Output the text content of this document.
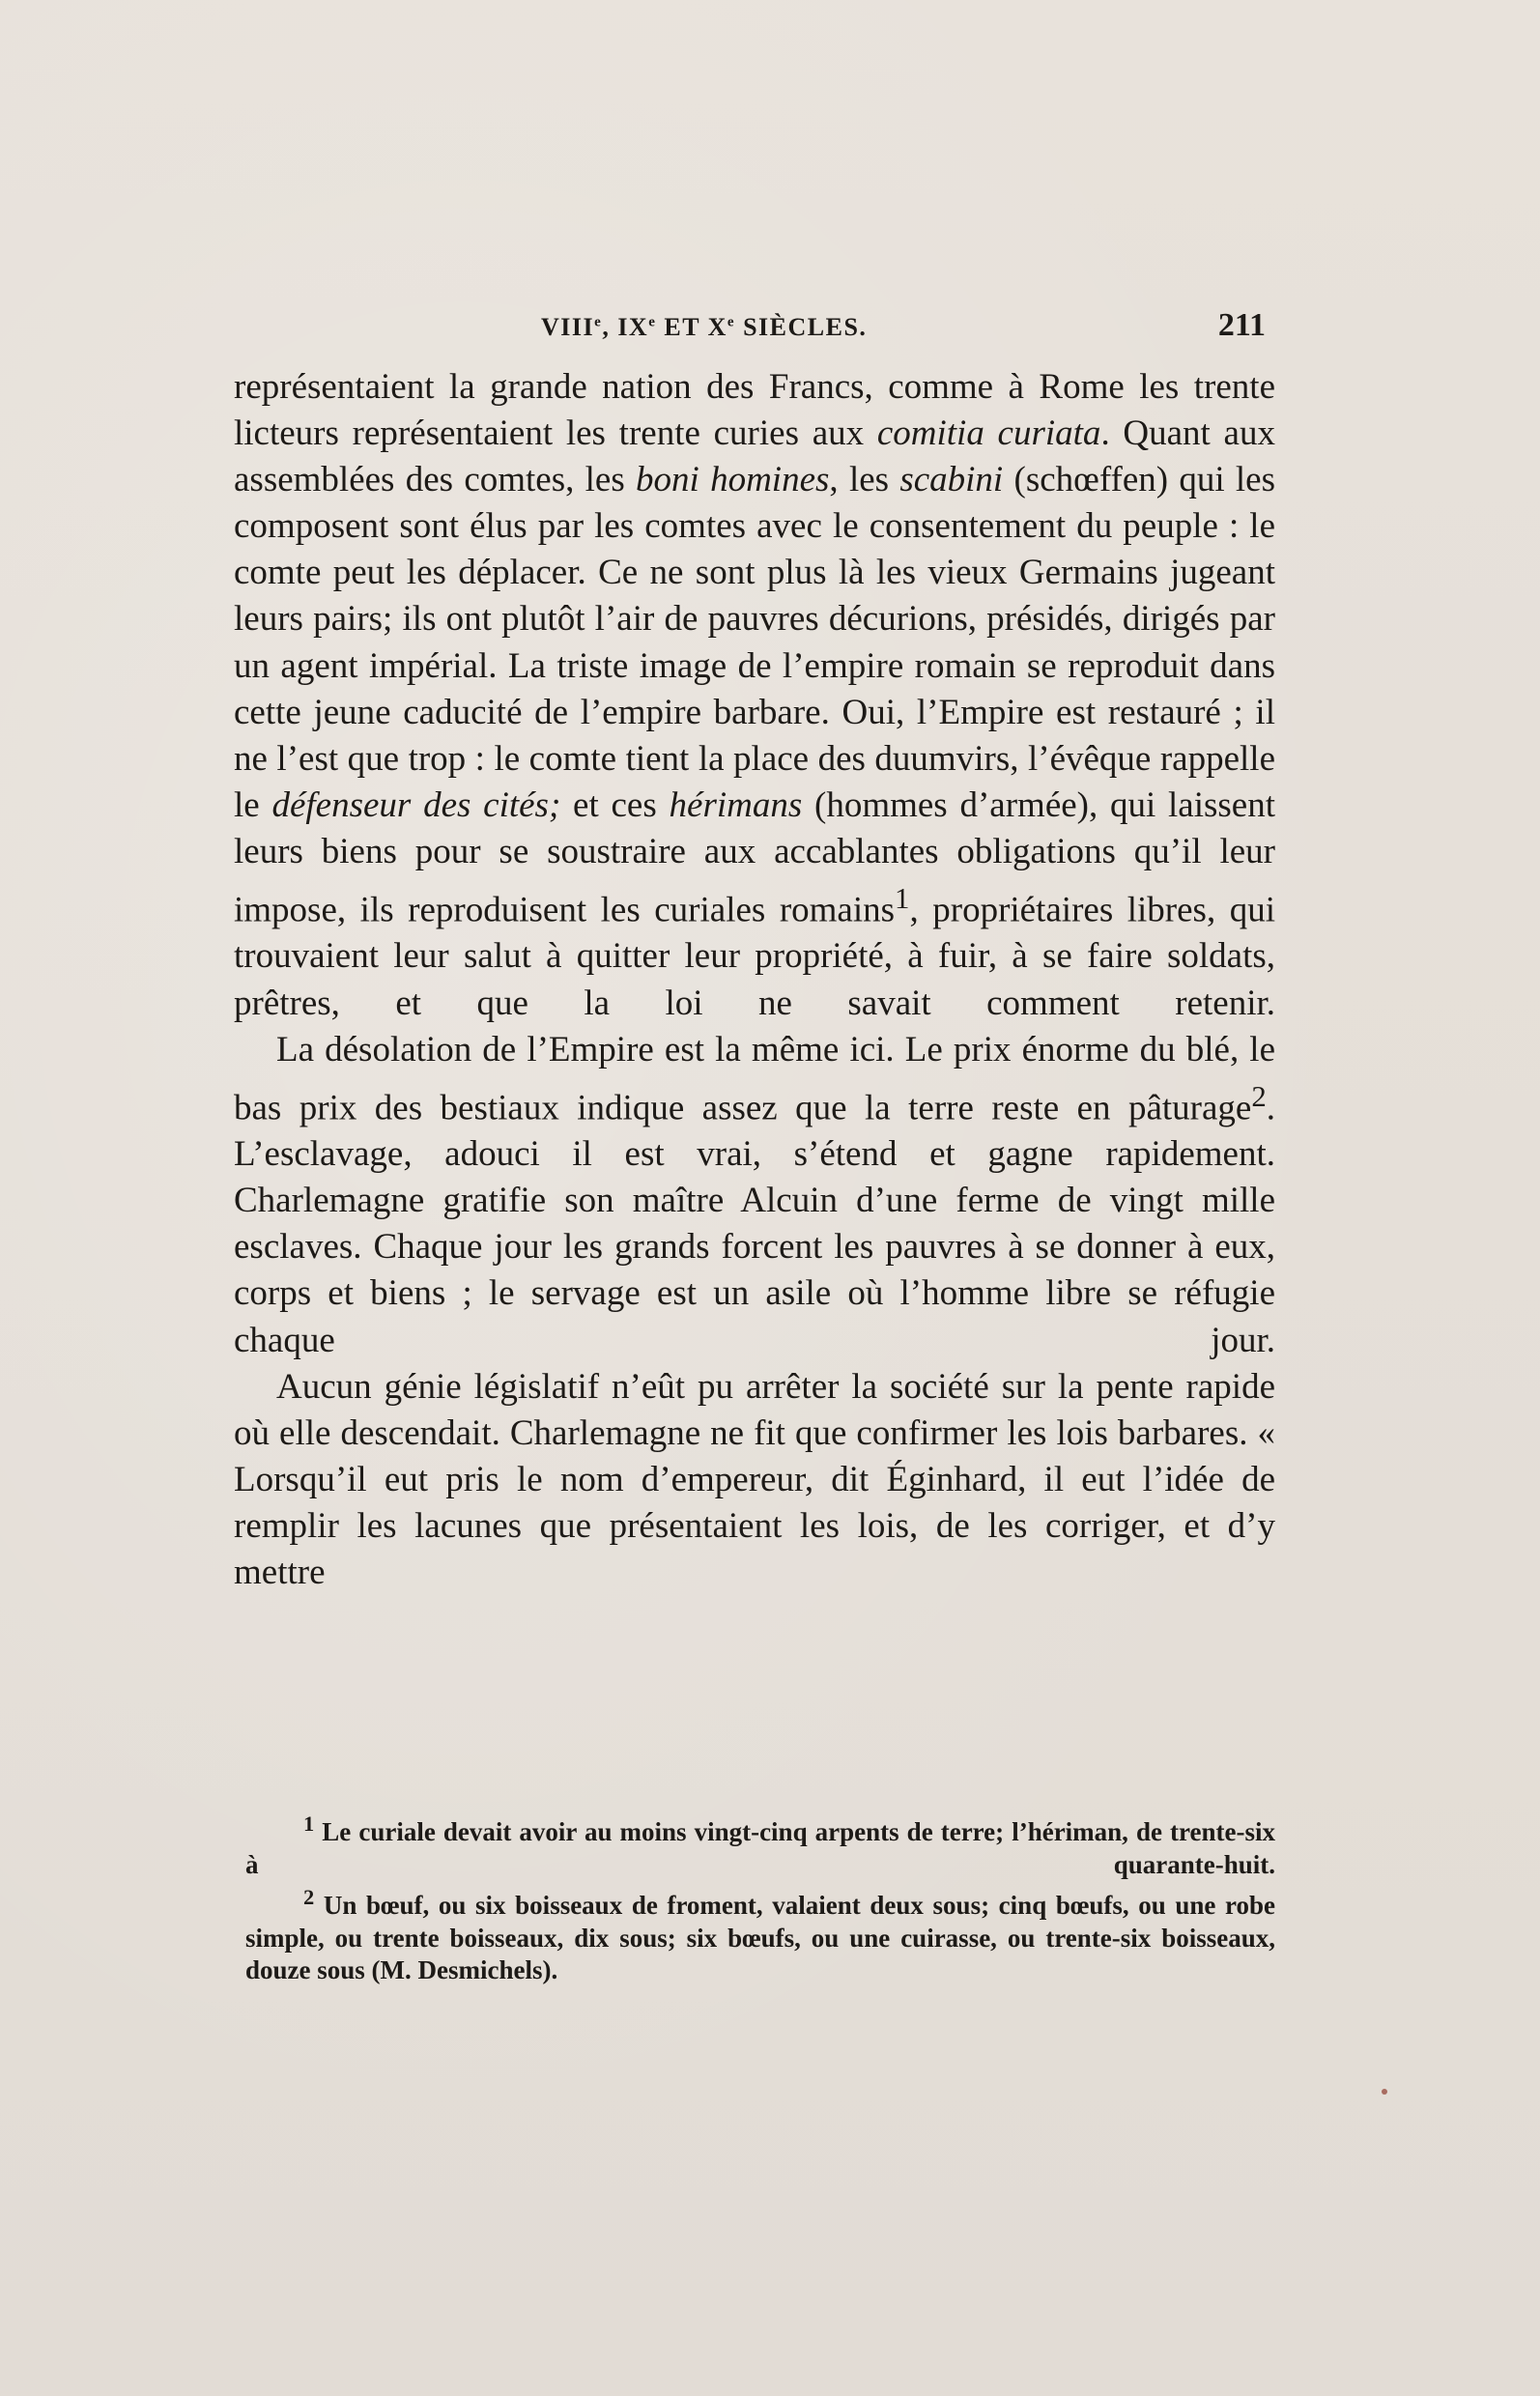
VIIIe, IXe ET Xe SIÈCLES.	211

représentaient la grande nation des Francs, comme à Rome les trente licteurs représentaient les trente curies aux comitia curiata. Quant aux assemblées des comtes, les boni homines, les scabini (schœffen) qui les composent sont élus par les comtes avec le consentement du peuple : le comte peut les déplacer. Ce ne sont plus là les vieux Germains jugeant leurs pairs; ils ont plutôt l’air de pauvres décurions, présidés, dirigés par un agent impérial. La triste image de l’empire romain se reproduit dans cette jeune caducité de l’empire barbare. Oui, l’Empire est restauré ; il ne l’est que trop : le comte tient la place des duumvirs, l’évêque rappelle le défenseur des cités; et ces hérimans (hommes d’armée), qui laissent leurs biens pour se soustraire aux accablantes obligations qu’il leur impose, ils reproduisent les curiales romains$^1$, propriétaires libres, qui trouvaient leur salut à quitter leur propriété, à fuir, à se faire soldats, prêtres, et que la loi ne savait comment retenir.

La désolation de l’Empire est la même ici. Le prix énorme du blé, le bas prix des bestiaux indique assez que la terre reste en pâturage$^2$. L’esclavage, adouci il est vrai, s’étend et gagne rapidement. Charlemagne gratifie son maître Alcuin d’une ferme de vingt mille esclaves. Chaque jour les grands forcent les pauvres à se donner à eux, corps et biens ; le servage est un asile où l’homme libre se réfugie chaque jour.

Aucun génie législatif n’eût pu arrêter la société sur la pente rapide où elle descendait. Charlemagne ne fit que confirmer les lois barbares. « Lorsqu’il eut pris le nom d’empereur, dit Éginhard, il eut l’idée de remplir les lacunes que présentaient les lois, de les corriger, et d’y mettre

$^1$ Le curiale devait avoir au moins vingt-cinq arpents de terre; l’hériman, de trente-six à quarante-huit.

$^2$ Un bœuf, ou six boisseaux de froment, valaient deux sous; cinq bœufs, ou une robe simple, ou trente boisseaux, dix sous; six bœufs, ou une cuirasse, ou trente-six boisseaux, douze sous (M. Desmichels).
